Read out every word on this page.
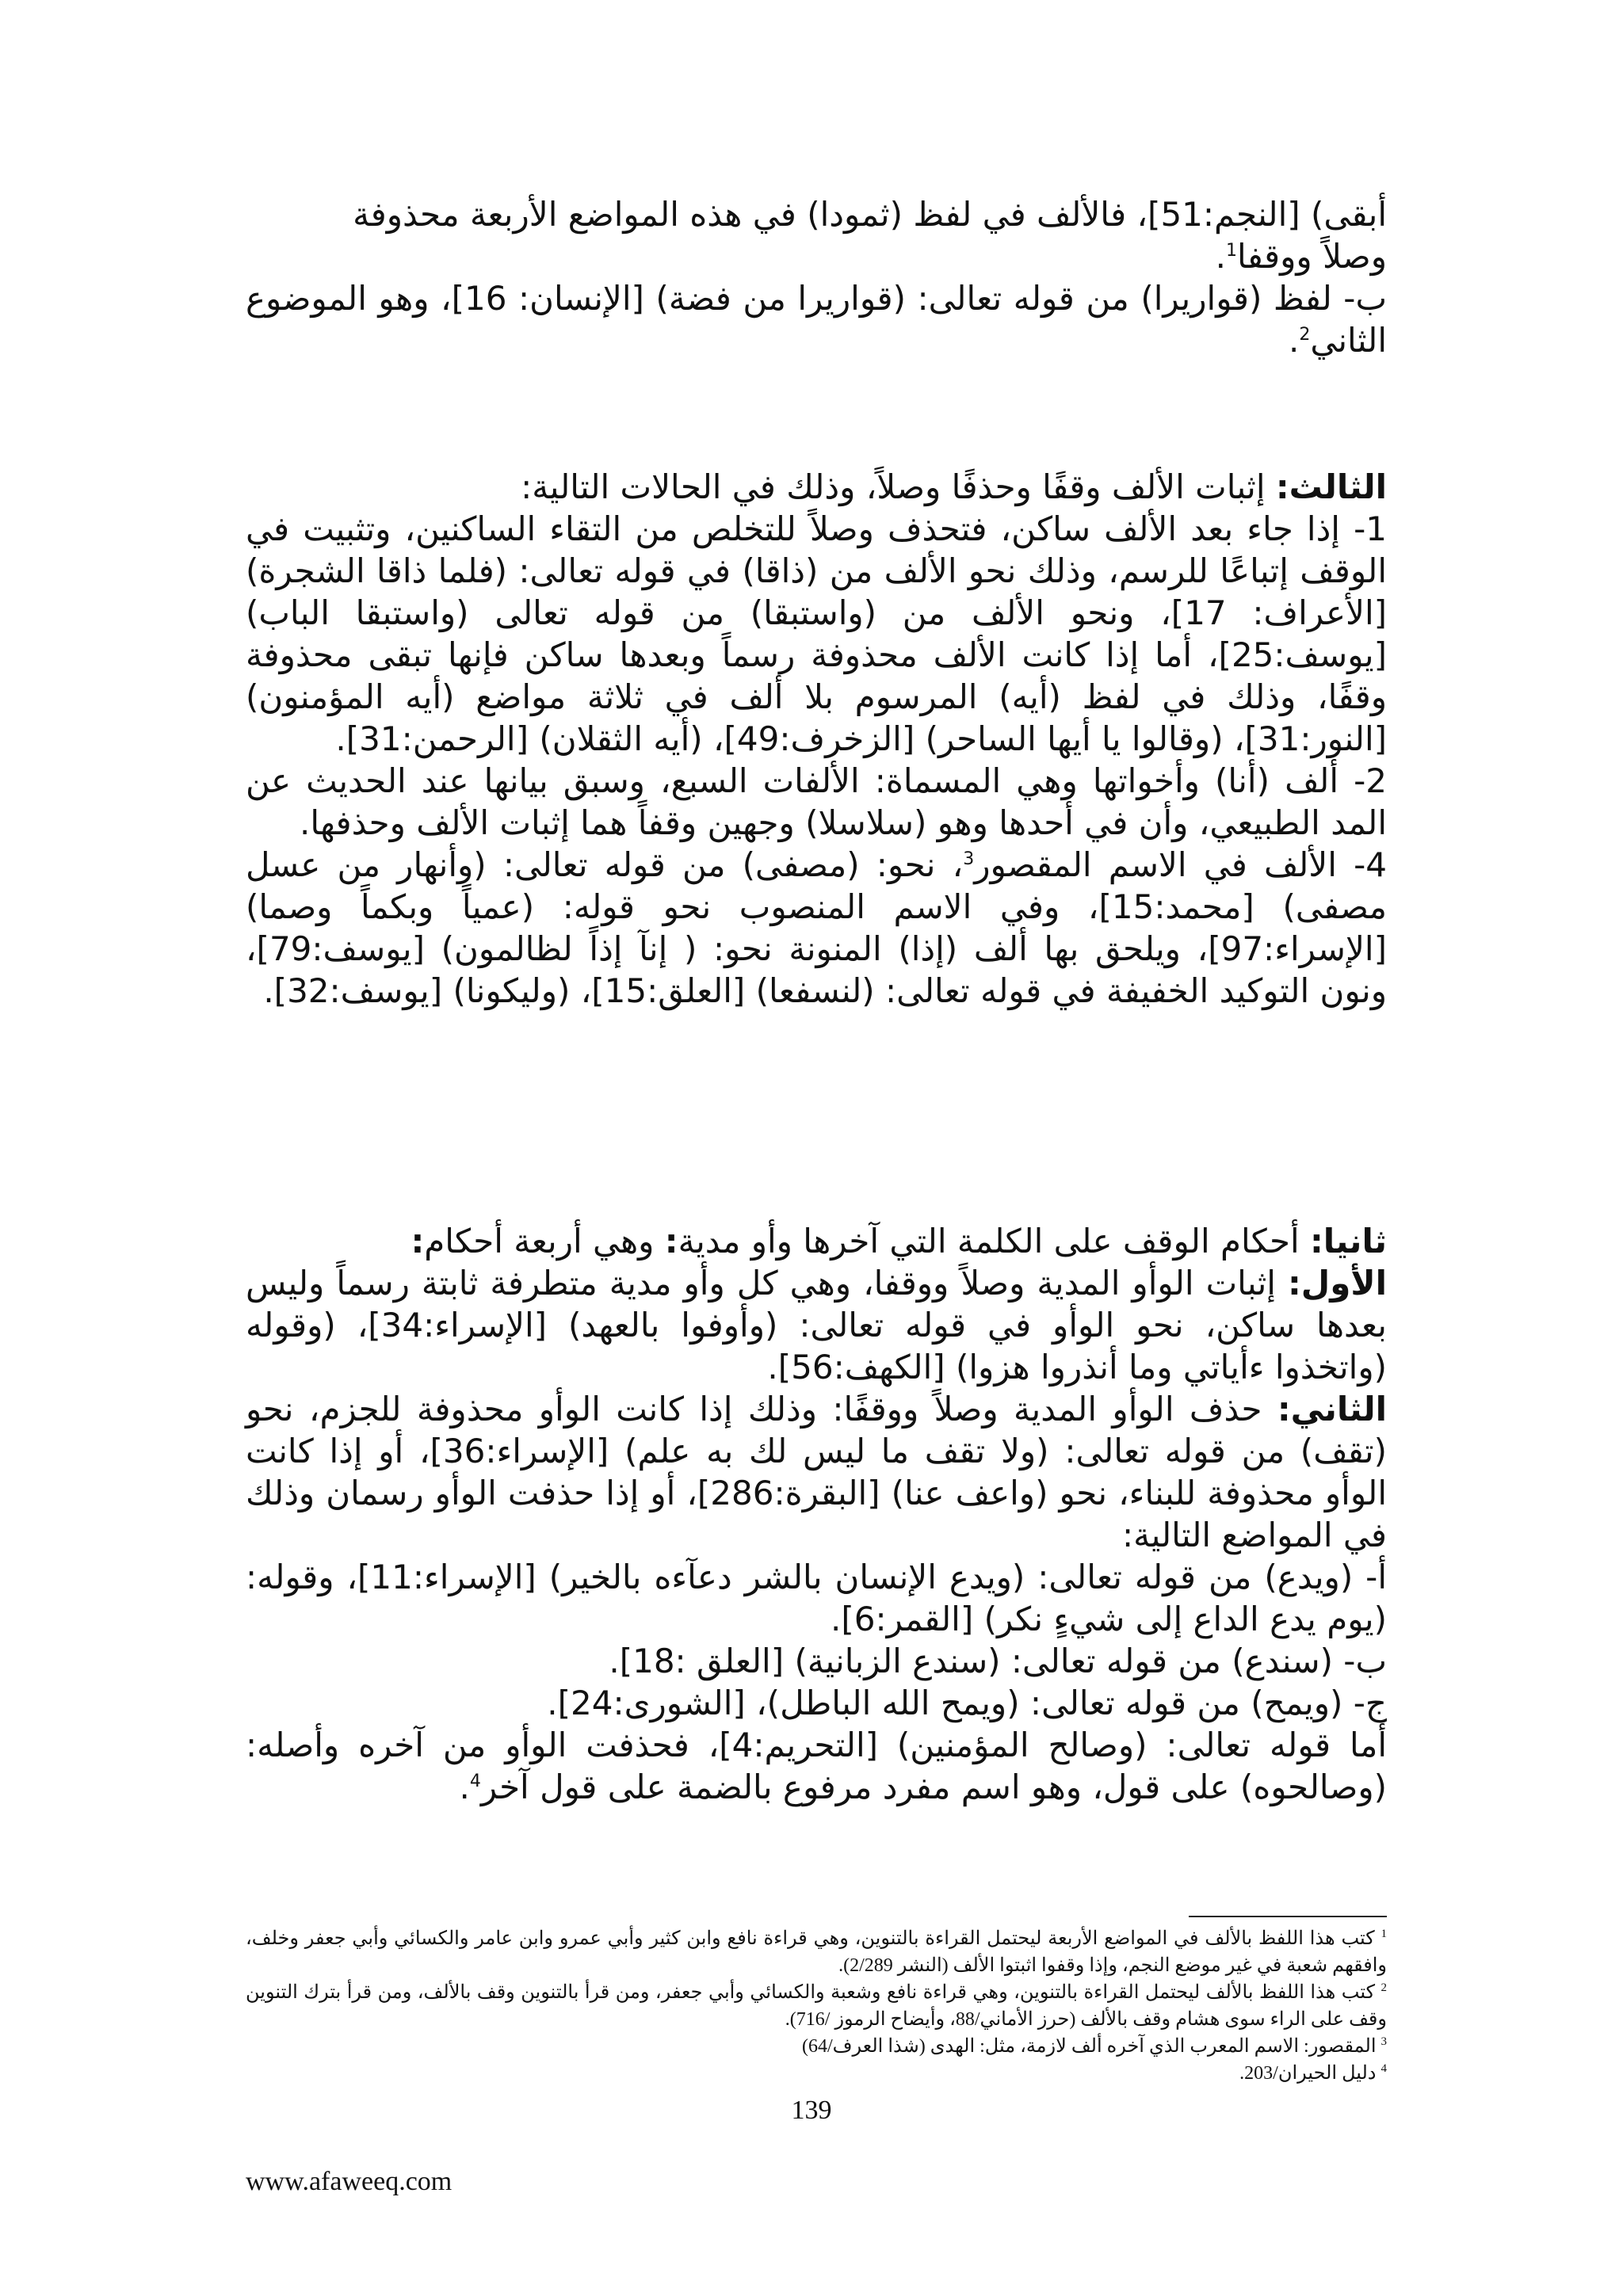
أبقى) [النجم:51]، فالألف في لفظ (ثمودا) في هذه المواضع الأربعة محذوفة
وصلاً ووقفا$^1$.

ب- لفظ (قواريرا) من قوله تعالى: (قواريرا من فضة) [الإنسان: 16]، وهو الموضوع الثاني$^2$.

الثالث: إثبات الألف وقفًا وحذفًا وصلاً، وذلك في الحالات التالية:

1- إذا جاء بعد الألف ساكن، فتحذف وصلاً للتخلص من التقاء الساكنين، وتثبيت في الوقف إتباعًا للرسم، وذلك نحو الألف من (ذاقا) في قوله تعالى: (فلما ذاقا الشجرة) [الأعراف: 17]، ونحو الألف من (واستبقا) من قوله تعالى (واستبقا الباب) [يوسف:25]، أما إذا كانت الألف محذوفة رسماً وبعدها ساكن فإنها تبقى محذوفة وقفًا، وذلك في لفظ (أيه) المرسوم بلا ألف في ثلاثة مواضع (أيه المؤمنون) [النور:31]، (وقالوا يا أيها الساحر) [الزخرف:49]، (أيه الثقلان) [الرحمن:31].

2- ألف (أنا) وأخواتها وهي المسماة: الألفات السبع، وسبق بيانها عند الحديث عن المد الطبيعي، وأن في أحدها وهو (سلاسلا) وجهين وقفاً هما إثبات الألف وحذفها.

4- الألف في الاسم المقصور$^3$، نحو: (مصفى) من قوله تعالى: (وأنهار من عسل مصفى) [محمد:15]، وفي الاسم المنصوب نحو قوله: (عمياً وبكماً وصما) [الإسراء:97]، ويلحق بها ألف (إذا) المنونة نحو: ( إنآ إذاً لظالمون) [يوسف:79]، ونون التوكيد الخفيفة في قوله تعالى: (لنسفعا) [العلق:15]، (وليكونا) [يوسف:32].

ثانيا: أحكام الوقف على الكلمة التي آخرها وأو مدية: وهي أربعة أحكام:

الأول: إثبات الوأو المدية وصلاً ووقفا، وهي كل وأو مدية متطرفة ثابتة رسماً وليس بعدها ساكن، نحو الوأو في قوله تعالى: (وأوفوا بالعهد) [الإسراء:34]، (وقوله (واتخذوا ءأياتي وما أنذروا هزوا) [الكهف:56].

الثاني: حذف الوأو المدية وصلاً ووقفًا: وذلك إذا كانت الوأو محذوفة للجزم، نحو (تقف) من قوله تعالى: (ولا تقف ما ليس لك به علم) [الإسراء:36]، أو إذا كانت الوأو محذوفة للبناء، نحو (واعف عنا) [البقرة:286]، أو إذا حذفت الوأو رسمان وذلك في المواضع التالية:

أ- (ويدع) من قوله تعالى: (ويدع الإنسان بالشر دعآءه بالخير) [الإسراء:11]، وقوله: (يوم يدع الداع إلى شيءٍ نكر) [القمر:6].

ب- (سندع) من قوله تعالى: (سندع الزبانية) [العلق :18].

ج- (ويمح) من قوله تعالى: (ويمح الله الباطل)، [الشورى:24].

أما قوله تعالى: (وصالح المؤمنين) [التحريم:4]، فحذفت الوأو من آخره وأصله: (وصالحوه) على قول، وهو اسم مفرد مرفوع بالضمة على قول آخر$^4$.

$^1$ كتب هذا اللفظ بالألف في المواضع الأربعة ليحتمل القراءة بالتنوين، وهي قراءة نافع وابن كثير وأبي عمرو وابن عامر والكسائي وأبي جعفر وخلف، وافقهم شعبة في غير موضع النجم، وإذا وقفوا اثبتوا الألف (النشر 2/289).

$^2$ كتب هذا اللفظ بالألف ليحتمل القراءة بالتنوين، وهي قراءة نافع وشعبة والكسائي وأبي جعفر، ومن قرأ بالتنوين وقف بالألف، ومن قرأ بترك التنوين وقف على الراء سوى هشام وقف بالألف (حرز الأماني/88، وأيضاح الرموز /716).

$^3$ المقصور: الاسم المعرب الذي آخره ألف لازمة، مثل: الهدى (شذا العرف/64)

$^4$ دليل الحيران/203.

139
www.afaweeq.com
